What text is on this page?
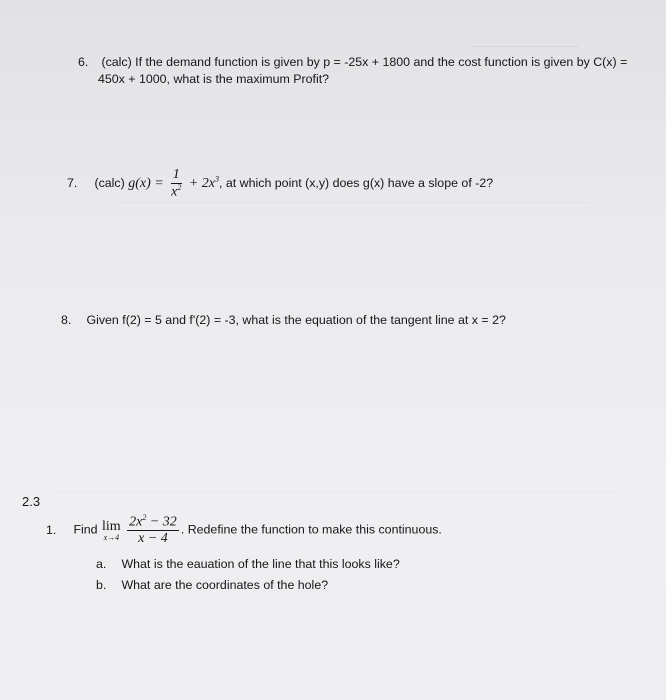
6. (calc) If the demand function is given by p = -25x + 1800 and the cost function is given by C(x) =
450x + 1000, what is the maximum Profit?
7. (calc) $g(x) = \frac{1}{x^2} + 2x^3$, at which point (x,y) does g(x) have a slope of -2?
8. Given f(2) = 5 and f'(2) = -3, what is the equation of the tangent line at x = 2?
2.3
1. Find lim
x→4
$\frac{2x^2 - 32}{x - 4}$ . Redefine the function to make this continuous.
a. What is the eauation of the line that this looks like?
b. What are the coordinates of the hole?
